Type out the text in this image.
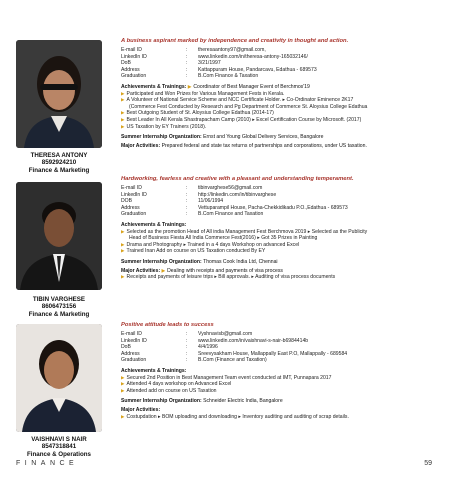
THERESA ANTONY
8592924210
Finance & Marketing
A business aspirant marked by independence and creativity in thought and action.
E-mail ID	:	theresaantony97@gmail.com,
LinkedIn ID	:	www.linkedin.com/in/theresa-antony-165032146/
DoB	:	3/21/1997
Address	:	Kattappuram House, Pandarcavu, Edathua - 689573
Graduation	:	B.Com Finance & Taxation
Achievements & Trainings: ▶ Coordinator of Best Manager Event of Berchmos'19
▶ Participated and Won Prizes for Various Management Fests in Kerala.
▶ A Volunteer of National Service Scheme and NCC Certificate Holder. ▸ Co-Ordinator Eminence 2K17
(Commerce Fest Conducted by Research and Pg Department of Commerce St. Aloysius College Edathua
▶ Best Outgoing Student of St. Aloysius College Edathua (2014-17)
▶ Best Leader In All Kerala Shastrapacham Camp (2010) ▸ Excel Certification Course by Microsoft. (2017)
▶ US Taxation by EY Trainers (2018).
Summer Internship Organization: Ernst and Young Global Delivery Services, Bangalore
Major Activities: Prepared federal and state tax returns of partnerships and corporations, under US taxation.
TIBIN VARGHESE
8606473156
Finance & Marketing
Hardworking, fearless and creative with a pleasant and understanding temperament.
E-mail ID	:	tibinvarghese56@gmail.com
LinkedIn ID	:	http://linkedin.com/in/tibinvarghese
DOB	:	11/06/1994
Address	:	Vettuparampil House, Pacha-Chekkidikadu P.O.,Edathua - 689573
Graduation	:	B.Com Finance and Taxation
Achievements & Trainings:
▶ Selected as the promotion Head of All india Management Fest Berchmova 2019 ▸ Selected as the Publicity
Head of Business Fiesta All India Commerce Fest(2016) ▸ Got 35 Prizes in Painting
▶ Drama and Photography ▸ Trained in a 4 days Workshop on advanced Excel
▶ Trained Inan Add on course on US Taxation conducted By EY
Summer Internship Organization: Thomas Cook India Ltd, Chennai
Major Activities: ▶ Dealing with receipts and payments of visa process
▶ Receipts and payments of leisure trips ▸ Bill approvals. ▸ Auditing of visa process documents
VAISHNAVI S NAIR
8547318841
Finance & Operations
Positive attitude leads to success
E-mail ID	:	Vyshnavisb@gmail.com
LinkedIn ID	:	www.linkedin.com/in/vaishnavi-s-nair-b6984414b
DoB	:	4/4/1996
Address	:	Sreevysakham House, Mallappally East P.O, Mallappally - 689584
Graduation	:	B.Com (Finance and Taxation)
Achievements & Trainings:
▶ Secured 2nd Position in Best Management Team event conducted at IMT, Punnapara 2017
▶ Attended 4 days workshop on Advanced Excel
▶ Attended add on course on US Taxation
Summer Internship Organization: Schneider Electric India, Bangalore
Major Activities:
▶ Costupdation ▸ BOM uploading and downloading ▸ Inventory auditing and auditing of scrap details.
FINANCE	59
